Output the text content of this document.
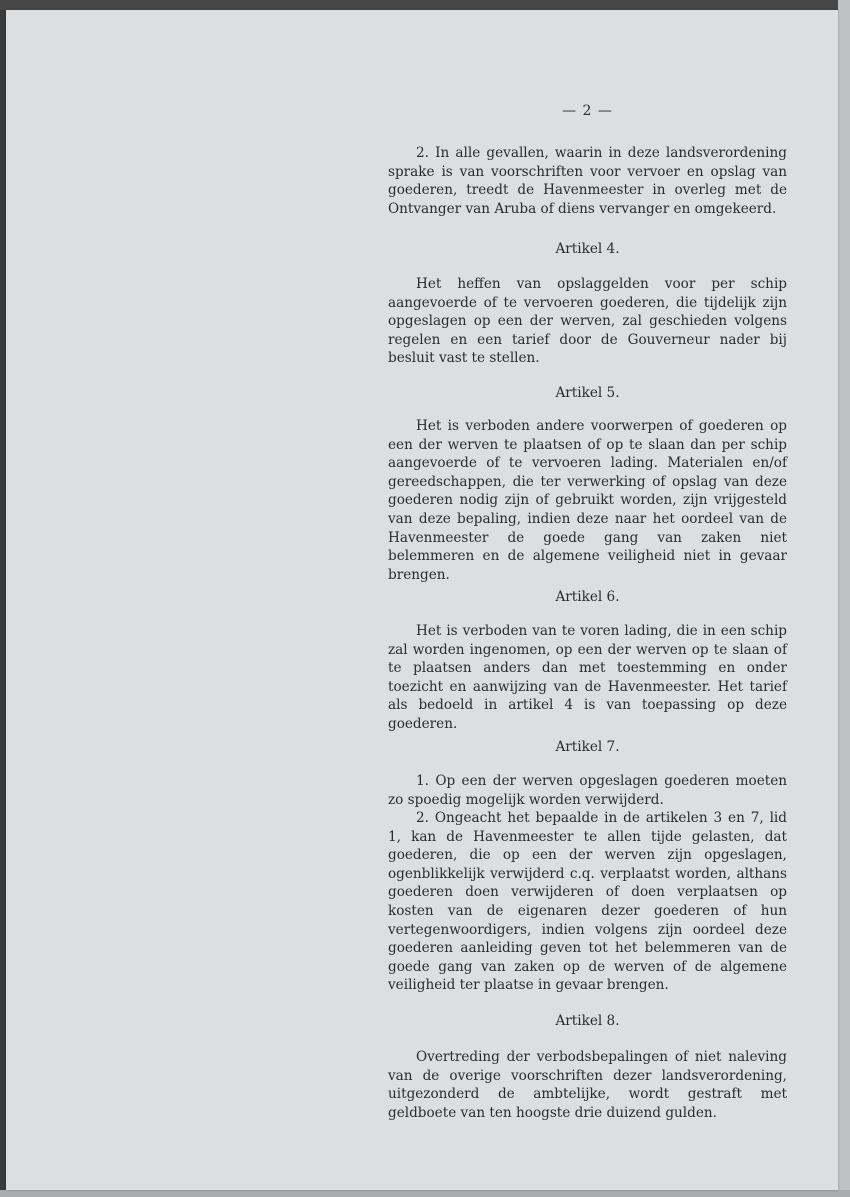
— 2 —

2. In alle gevallen, waarin in deze landsverordening sprake is van voorschriften voor vervoer en opslag van goederen, treedt de Havenmeester in overleg met de Ontvanger van Aruba of diens vervanger en omgekeerd.

Artikel 4.

Het heffen van opslaggelden voor per schip aangevoerde of te vervoeren goederen, die tijdelijk zijn opgeslagen op een der werven, zal geschieden volgens regelen en een tarief door de Gouverneur nader bij besluit vast te stellen.

Artikel 5.

Het is verboden andere voorwerpen of goederen op een der werven te plaatsen of op te slaan dan per schip aangevoerde of te vervoeren lading. Materialen en/of gereedschappen, die ter verwerking of opslag van deze goederen nodig zijn of gebruikt worden, zijn vrijgesteld van deze bepaling, indien deze naar het oordeel van de Havenmeester de goede gang van zaken niet belemmeren en de algemene veiligheid niet in gevaar brengen.

Artikel 6.

Het is verboden van te voren lading, die in een schip zal worden ingenomen, op een der werven op te slaan of te plaatsen anders dan met toestemming en onder toezicht en aanwijzing van de Havenmeester. Het tarief als bedoeld in artikel 4 is van toepassing op deze goederen.

Artikel 7.

1. Op een der werven opgeslagen goederen moeten zo spoedig mogelijk worden verwijderd.

2. Ongeacht het bepaalde in de artikelen 3 en 7, lid 1, kan de Havenmeester te allen tijde gelasten, dat goederen, die op een der werven zijn opgeslagen, ogenblikkelijk verwijderd c.q. verplaatst worden, althans goederen doen verwijderen of doen verplaatsen op kosten van de eigenaren dezer goederen of hun vertegenwoordigers, indien volgens zijn oordeel deze goederen aanleiding geven tot het belemmeren van de goede gang van zaken op de werven of de algemene veiligheid ter plaatse in gevaar brengen.

Artikel 8.

Overtreding der verbodsbepalingen of niet naleving van de overige voorschriften dezer landsverordening, uitgezonderd de ambtelijke, wordt gestraft met geldboete van ten hoogste drie duizend gulden.
